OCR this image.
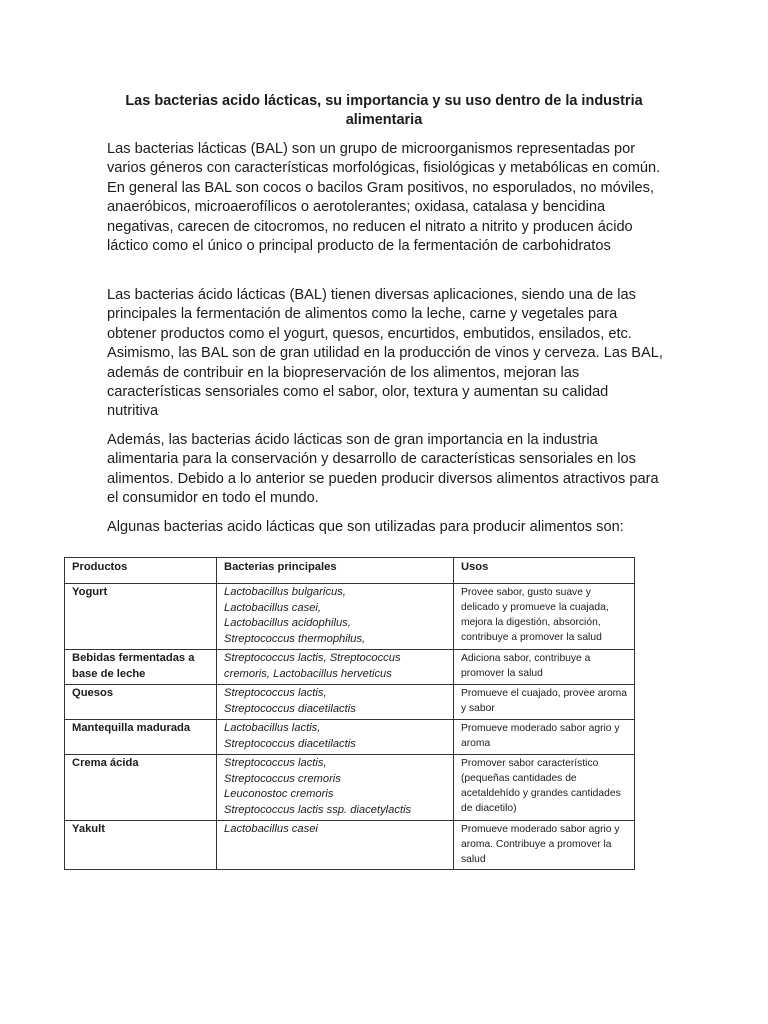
Las bacterias acido lácticas, su importancia y su uso dentro de la industria alimentaria

Las bacterias lácticas (BAL) son un grupo de microorganismos representadas por varios géneros con características morfológicas, fisiológicas y metabólicas en común. En general las BAL son cocos o bacilos Gram positivos, no esporulados, no móviles, anaeróbicos, microaerofílicos o aerotolerantes; oxidasa, catalasa y bencidina negativas, carecen de citocromos, no reducen el nitrato a nitrito y producen ácido láctico como el único o principal producto de la fermentación de carbohidratos

Las bacterias ácido lácticas (BAL) tienen diversas aplicaciones, siendo una de las principales la fermentación de alimentos como la leche, carne y vegetales para obtener productos como el yogurt, quesos, encurtidos, embutidos, ensilados, etc. Asimismo, las BAL son de gran utilidad en la producción de vinos y cerveza. Las BAL, además de contribuir en la biopreservación de los alimentos, mejoran las características sensoriales como el sabor, olor, textura y aumentan su calidad nutritiva

Además, las bacterias ácido lácticas son de gran importancia en la industria alimentaria para la conservación y desarrollo de características sensoriales en los alimentos. Debido a lo anterior se pueden producir diversos alimentos atractivos para el consumidor en todo el mundo.

Algunas bacterias acido lácticas que son utilizadas para producir alimentos son:

Productos	Bacterias principales	Usos
Yogurt	Lactobacillus bulgaricus,
Lactobacillus casei,
Lactobacillus acidophilus,
Streptococcus thermophilus,	Provee sabor, gusto suave y delicado y promueve la cuajada, mejora la digestión, absorción, contribuye a promover la salud
Bebidas fermentadas a base de leche	Streptococcus lactis, Streptococcus cremoris, Lactobacillus herveticus	Adiciona sabor, contribuye a promover la salud
Quesos	Streptococcus lactis,
Streptococcus diacetilactis	Promueve el cuajado, provee aroma y sabor
Mantequilla madurada	Lactobacillus lactis,
Streptococcus diacetilactis	Promueve moderado sabor agrio y aroma
Crema ácida	Streptococcus lactis,
Streptococcus cremoris
Leuconostoc cremoris
Streptococcus lactis ssp. diacetylactis	Promover sabor característico (pequeñas cantidades de acetaldehído y grandes cantidades de diacetilo)
Yakult	Lactobacillus casei	Promueve moderado sabor agrio y aroma. Contribuye a promover la salud
